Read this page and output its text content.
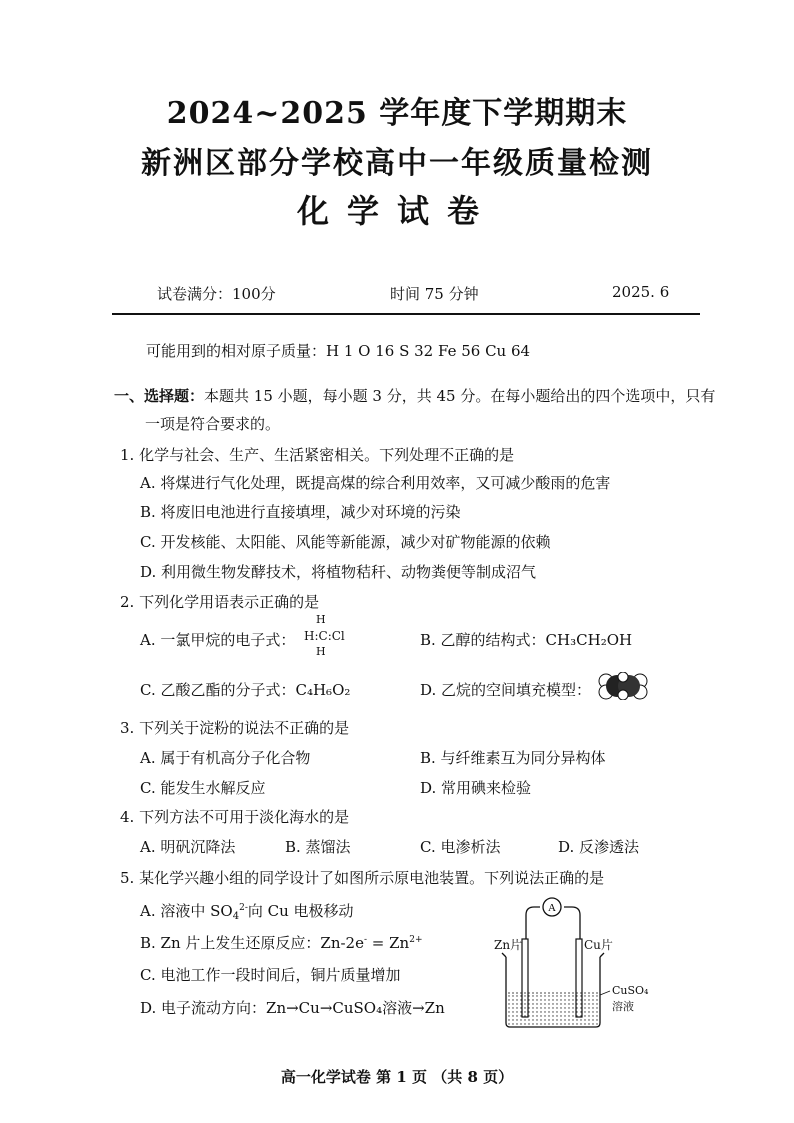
2024~2025 学年度下学期期末
新洲区部分学校高中一年级质量检测
化学试卷
试卷满分：100分	时间 75 分钟	2025. 6
可能用到的相对原子质量：H 1 O 16 S 32 Fe 56 Cu 64
一、选择题：本题共 15 小题，每小题 3 分，共 45 分。在每小题给出的四个选项中，只有
一项是符合要求的。
1. 化学与社会、生产、生活紧密相关。下列处理不正确的是
A. 将煤进行气化处理，既提高煤的综合利用效率，又可减少酸雨的危害
B. 将废旧电池进行直接填埋，减少对环境的污染
C. 开发核能、太阳能、风能等新能源，减少对矿物能源的依赖
D. 利用微生物发酵技术，将植物秸秆、动物粪便等制成沼气
2. 下列化学用语表示正确的是
A. 一氯甲烷的电子式：
H
H:C:Cl
H
B. 乙醇的结构式：CH₃CH₂OH
C. 乙酸乙酯的分子式：C₄H₆O₂	D. 乙烷的空间填充模型：
3. 下列关于淀粉的说法不正确的是
A. 属于有机高分子化合物	B. 与纤维素互为同分异构体
C. 能发生水解反应	D. 常用碘来检验
4. 下列方法不可用于淡化海水的是
A. 明矾沉降法	B. 蒸馏法	C. 电渗析法	D. 反渗透法
5. 某化学兴趣小组的同学设计了如图所示原电池装置。下列说法正确的是
A. 溶液中 $SO_4^{2-}$向 Cu 电极移动
B. Zn 片上发生还原反应：$Zn-2e^- = Zn^{2+}$
C. 电池工作一段时间后，铜片质量增加
D. 电子流动方向：Zn→Cu→CuSO₄溶液→Zn
A
Zn片	Cu片
CuSO₄
溶液
高一化学试卷 第 1 页 （共 8 页）
